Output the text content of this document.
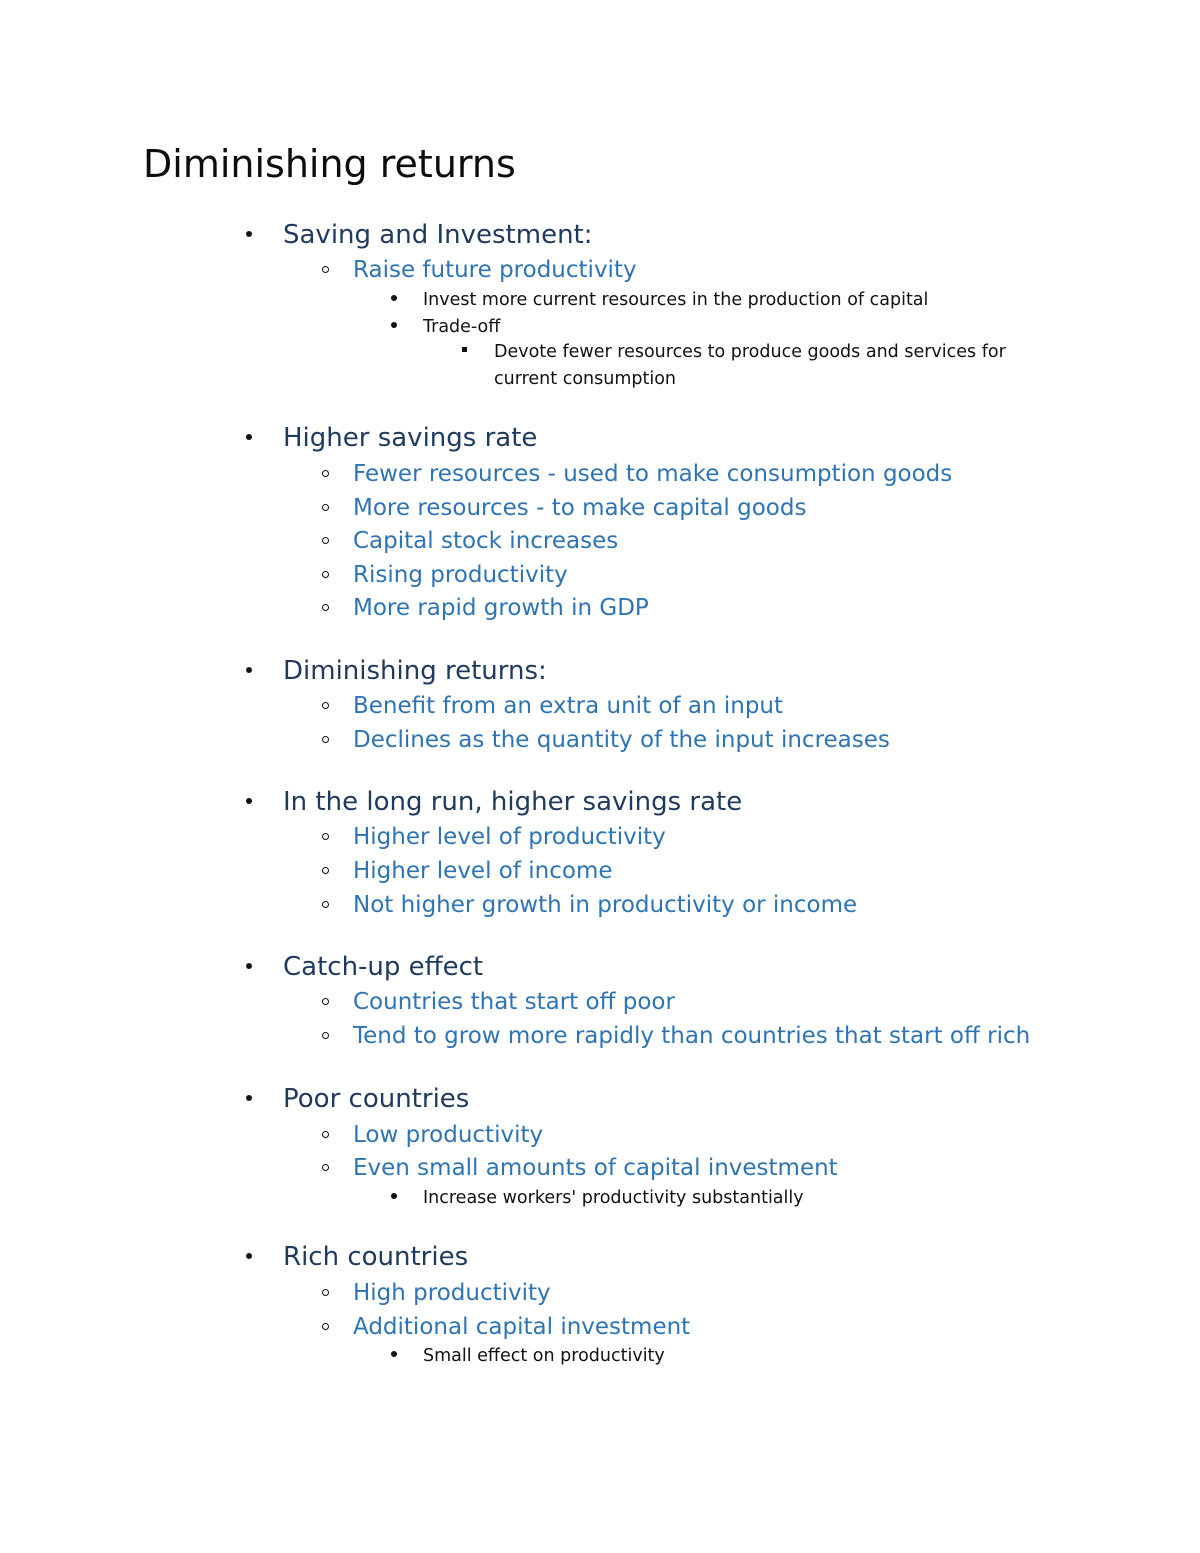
Diminishing returns
Saving and Investment:
Raise future productivity
Invest more current resources in the production of capital
Trade-off
Devote fewer resources to produce goods and services for current consumption
Higher savings rate
Fewer resources - used to make consumption goods
More resources - to make capital goods
Capital stock increases
Rising productivity
More rapid growth in GDP
Diminishing returns:
Benefit from an extra unit of an input
Declines as the quantity of the input increases
In the long run, higher savings rate
Higher level of productivity
Higher level of income
Not higher growth in productivity or income
Catch-up effect
Countries that start off poor
Tend to grow more rapidly than countries that start off rich
Poor countries
Low productivity
Even small amounts of capital investment
Increase workers' productivity substantially
Rich countries
High productivity
Additional capital investment
Small effect on productivity
